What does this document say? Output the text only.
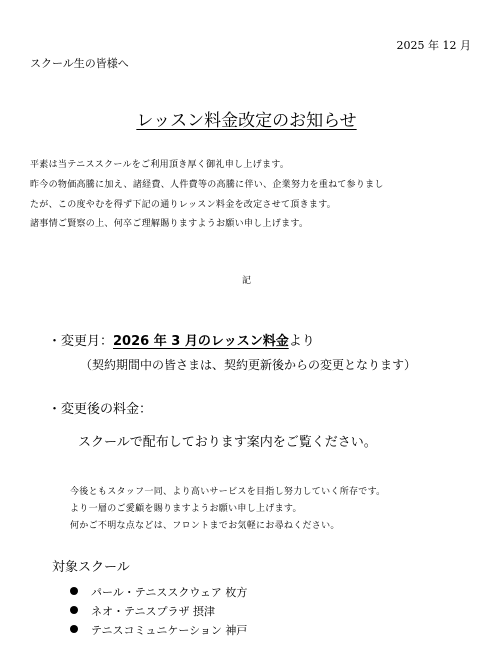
2025 年 12 月
スクール生の皆様へ
レッスン料金改定のお知らせ
平素は当テニススクールをご利用頂き厚く御礼申し上げます。
昨今の物価高騰に加え、諸経費、人件費等の高騰に伴い、企業努力を重ねて参りまし
たが、この度やむを得ず下記の通りレッスン料金を改定させて頂きます。
諸事情ご賢察の上、何卒ご理解賜りますようお願い申し上げます。
記
・変更月：2026 年 3 月のレッスン料金より
（契約期間中の皆さまは、契約更新後からの変更となります）
・変更後の料金：
スクールで配布しております案内をご覧ください。
今後ともスタッフ一同、より高いサービスを目指し努力していく所存です。
より一層のご愛顧を賜りますようお願い申し上げます。
何かご不明な点などは、フロントまでお気軽にお尋ねください。
対象スクール
パール・テニススクウェア 枚方
ネオ・テニスプラザ 摂津
テニスコミュニケーション 神戸
